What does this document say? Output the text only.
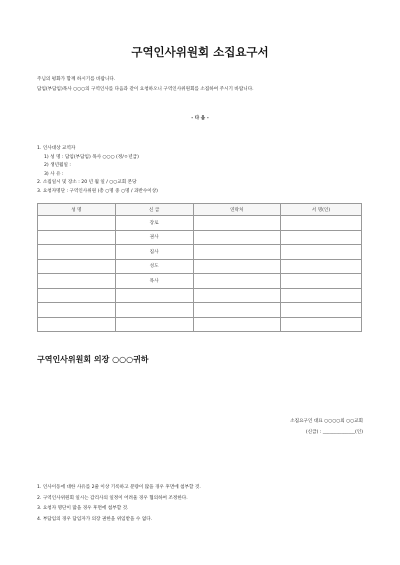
구역인사위원회 소집요구서
주님의 평화가 함께 하시기를 바랍니다.
담임(부담임)목사 ○○○의 구역인사를 다음과 같이 요청하오니 구역인사위원회를 소집하여 주시기 바랍니다.
- 다 음 -
1. 인사대상 교역자
1) 성 명 : 담임(부담임) 목사 ○○○ (정/ㅇ년급)
2) 생년월일 :
3) 사 유 :
2. 소집일시 및 장소 : 20 년 월 일 / ○○교회 본당
3. 요청자명단 : 구역인사위원 (총 ○명 중 ○명 / 과반수이상)
성 명	신 급	연락처	서 명(인)
	장로		
	권사		
	집사		
	성도		
	목사		

구역인사위원회 의장 ○○○귀하
소집요구인 대표 ○○○○외 ○○교회
(신급) : ______________(인)
1. 인사이동에 대한 사유를 2줄 이상 기록하고 분량이 많을 경우 후면에 첨부할 것.
2. 구역인사위원회 일시는 감리사의 일정이 어려울 경우 협의하여 조정한다.
3. 요청자 명단이 많을 경우 후면에 첨부할 것.
4. 부담임의 경우 담임자가 의장 권한을 위임받을 수 없다.
